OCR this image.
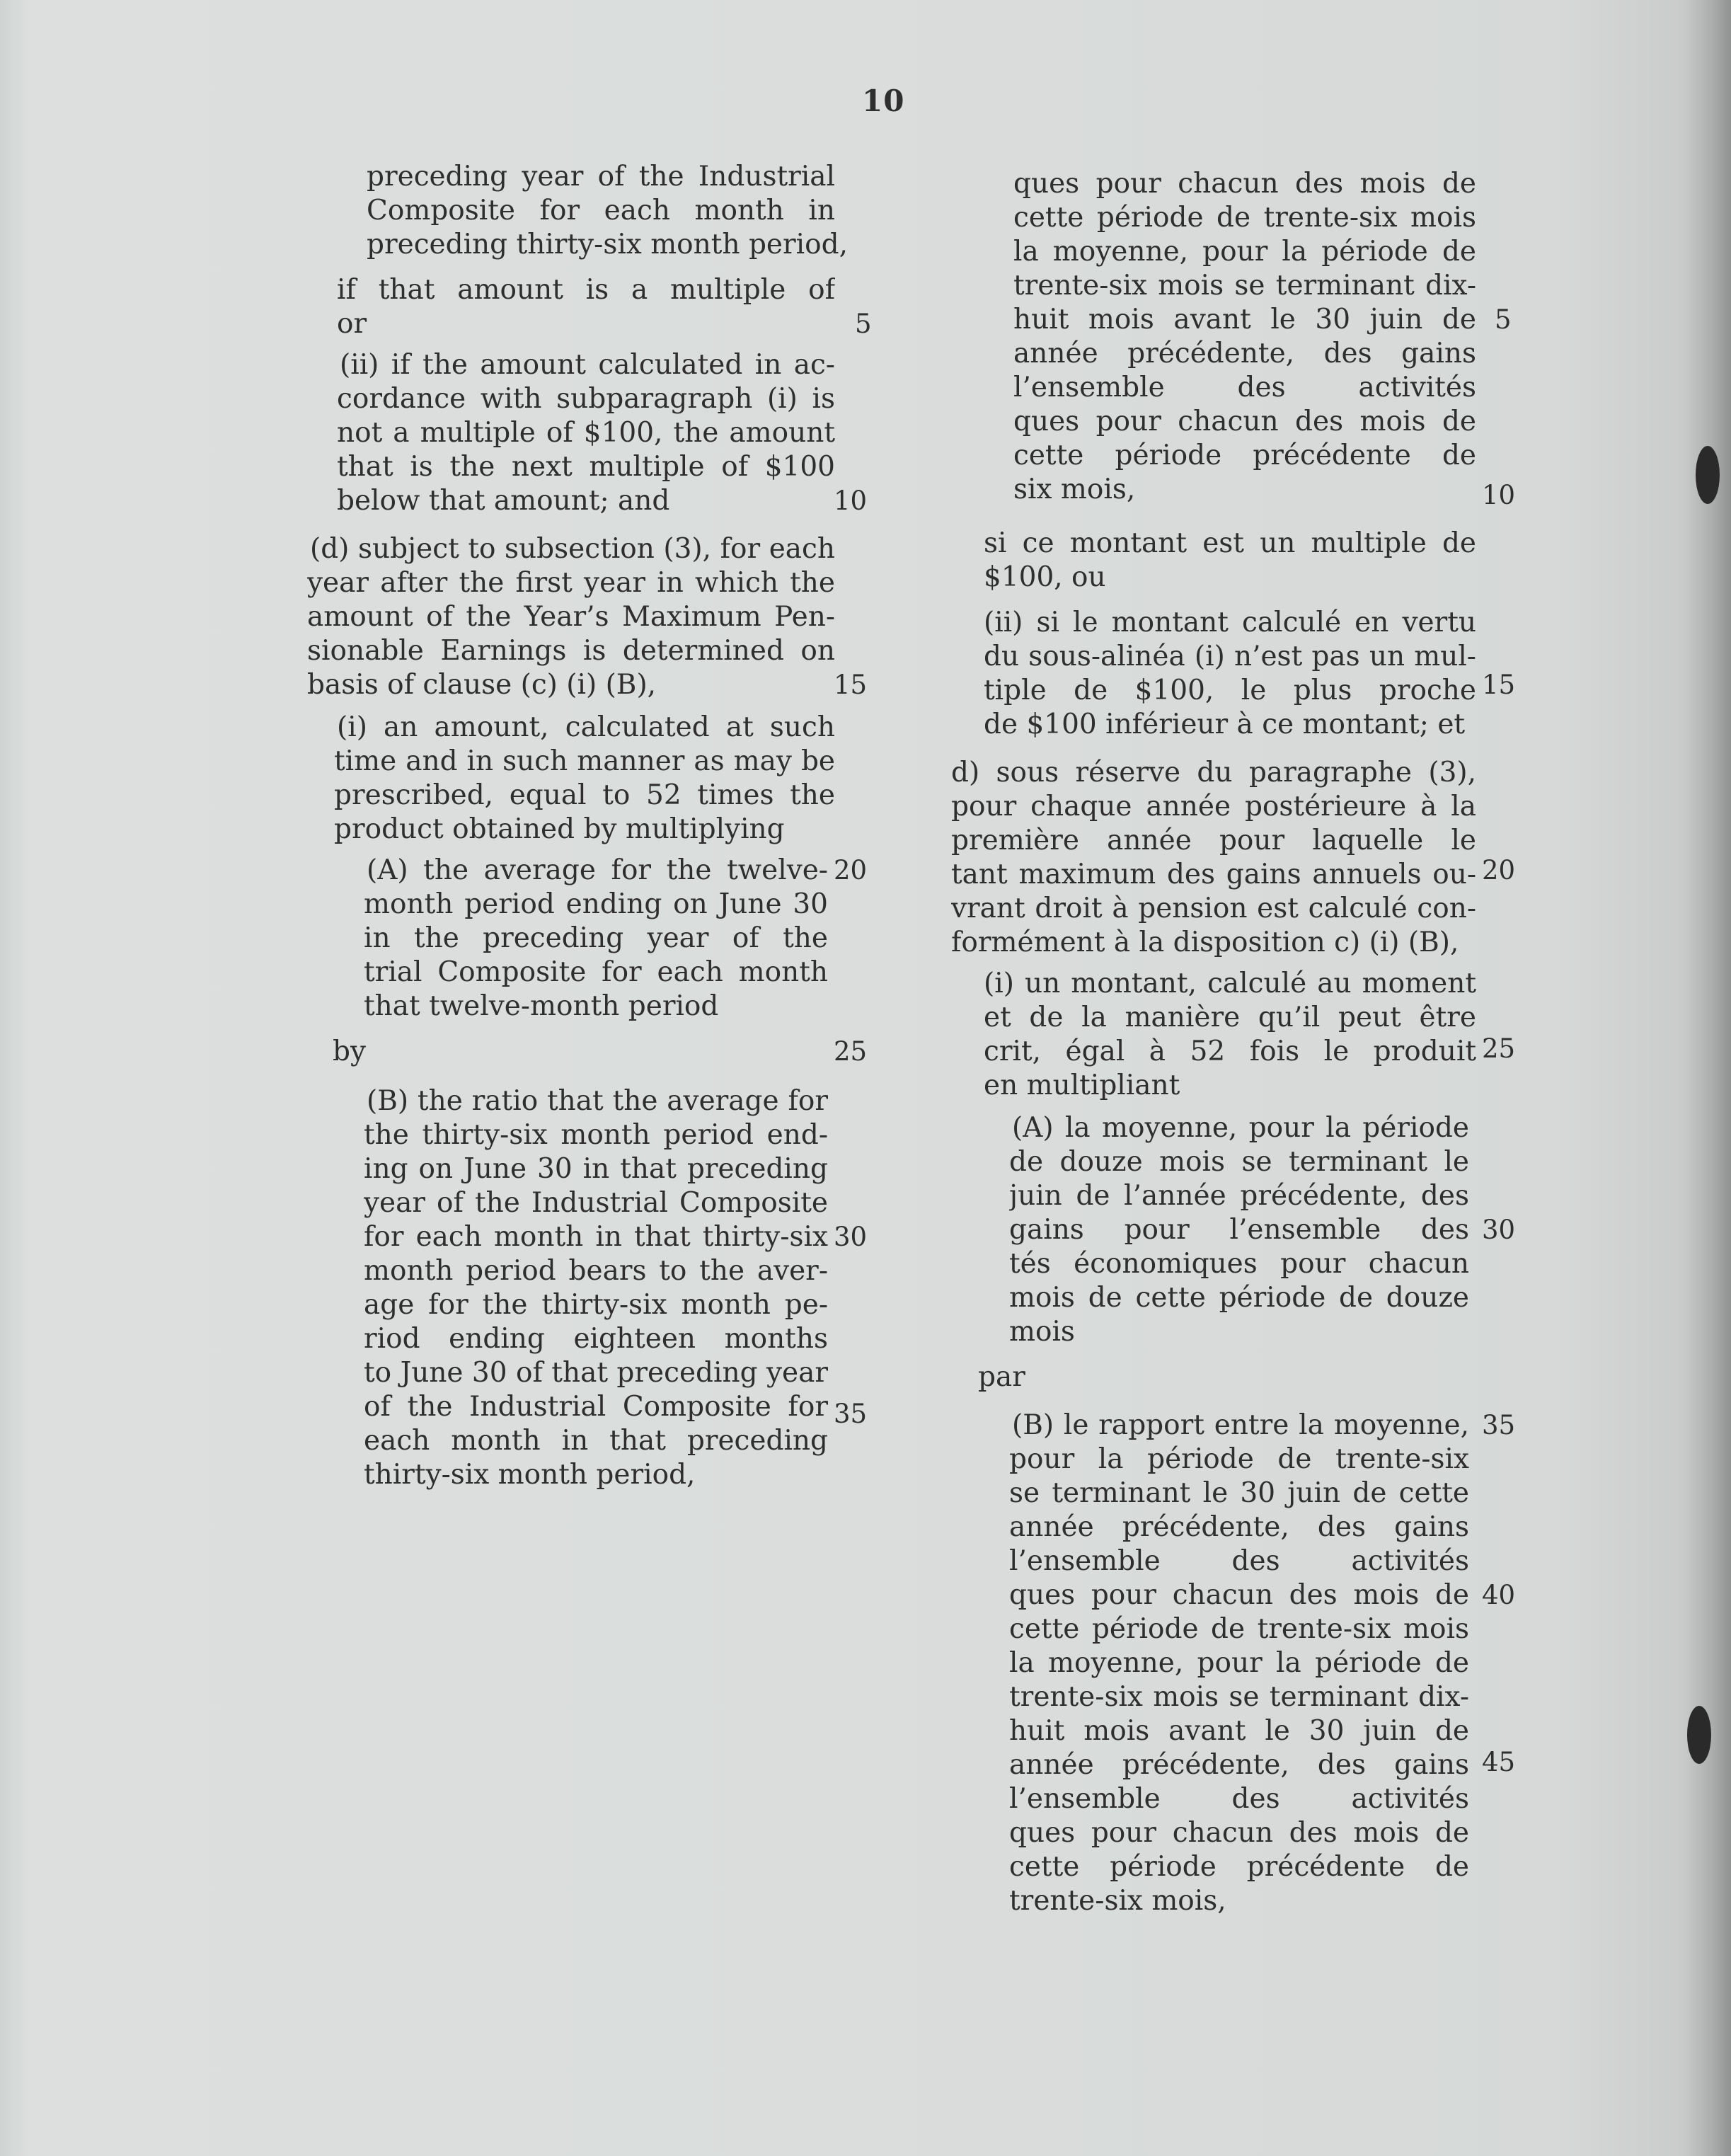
10
preceding year of the Industrial
Composite for each month in
preceding thirty-six month period,
if that amount is a multiple of
or
(ii) if the amount calculated in ac-
cordance with subparagraph (i) is
not a multiple of $100, the amount
that is the next multiple of $100
below that amount; and
(d) subject to subsection (3), for each
year after the first year in which the
amount of the Year’s Maximum Pen-
sionable Earnings is determined on
basis of clause (c) (i) (B),
(i) an amount, calculated at such
time and in such manner as may be
prescribed, equal to 52 times the
product obtained by multiplying
(A) the average for the twelve-
month period ending on June 30
in the preceding year of the
trial Composite for each month
that twelve-month period
by
(B) the ratio that the average for
the thirty-six month period end-
ing on June 30 in that preceding
year of the Industrial Composite
for each month in that thirty-six
month period bears to the aver-
age for the thirty-six month pe-
riod ending eighteen months
to June 30 of that preceding year
of the Industrial Composite for
each month in that preceding
thirty-six month period,
5
10
15
20
25
30
35
ques pour chacun des mois de
cette période de trente-six mois
la moyenne, pour la période de
trente-six mois se terminant dix-
huit mois avant le 30 juin de
année précédente, des gains
l’ensemble des activités
ques pour chacun des mois de
cette période précédente de
six mois,
si ce montant est un multiple de
$100, ou
(ii) si le montant calculé en vertu
du sous-alinéa (i) n’est pas un mul-
tiple de $100, le plus proche
de $100 inférieur à ce montant; et
d) sous réserve du paragraphe (3),
pour chaque année postérieure à la
première année pour laquelle le
tant maximum des gains annuels ou-
vrant droit à pension est calculé con-
formément à la disposition c) (i) (B),
(i) un montant, calculé au moment
et de la manière qu’il peut être
crit, égal à 52 fois le produit
en multipliant
(A) la moyenne, pour la période
de douze mois se terminant le
juin de l’année précédente, des
gains pour l’ensemble des
tés économiques pour chacun
mois de cette période de douze
mois
par
(B) le rapport entre la moyenne,
pour la période de trente-six
se terminant le 30 juin de cette
année précédente, des gains
l’ensemble des activités
ques pour chacun des mois de
cette période de trente-six mois
la moyenne, pour la période de
trente-six mois se terminant dix-
huit mois avant le 30 juin de
année précédente, des gains
l’ensemble des activités
ques pour chacun des mois de
cette période précédente de
trente-six mois,
5
10
15
20
25
30
35
40
45
